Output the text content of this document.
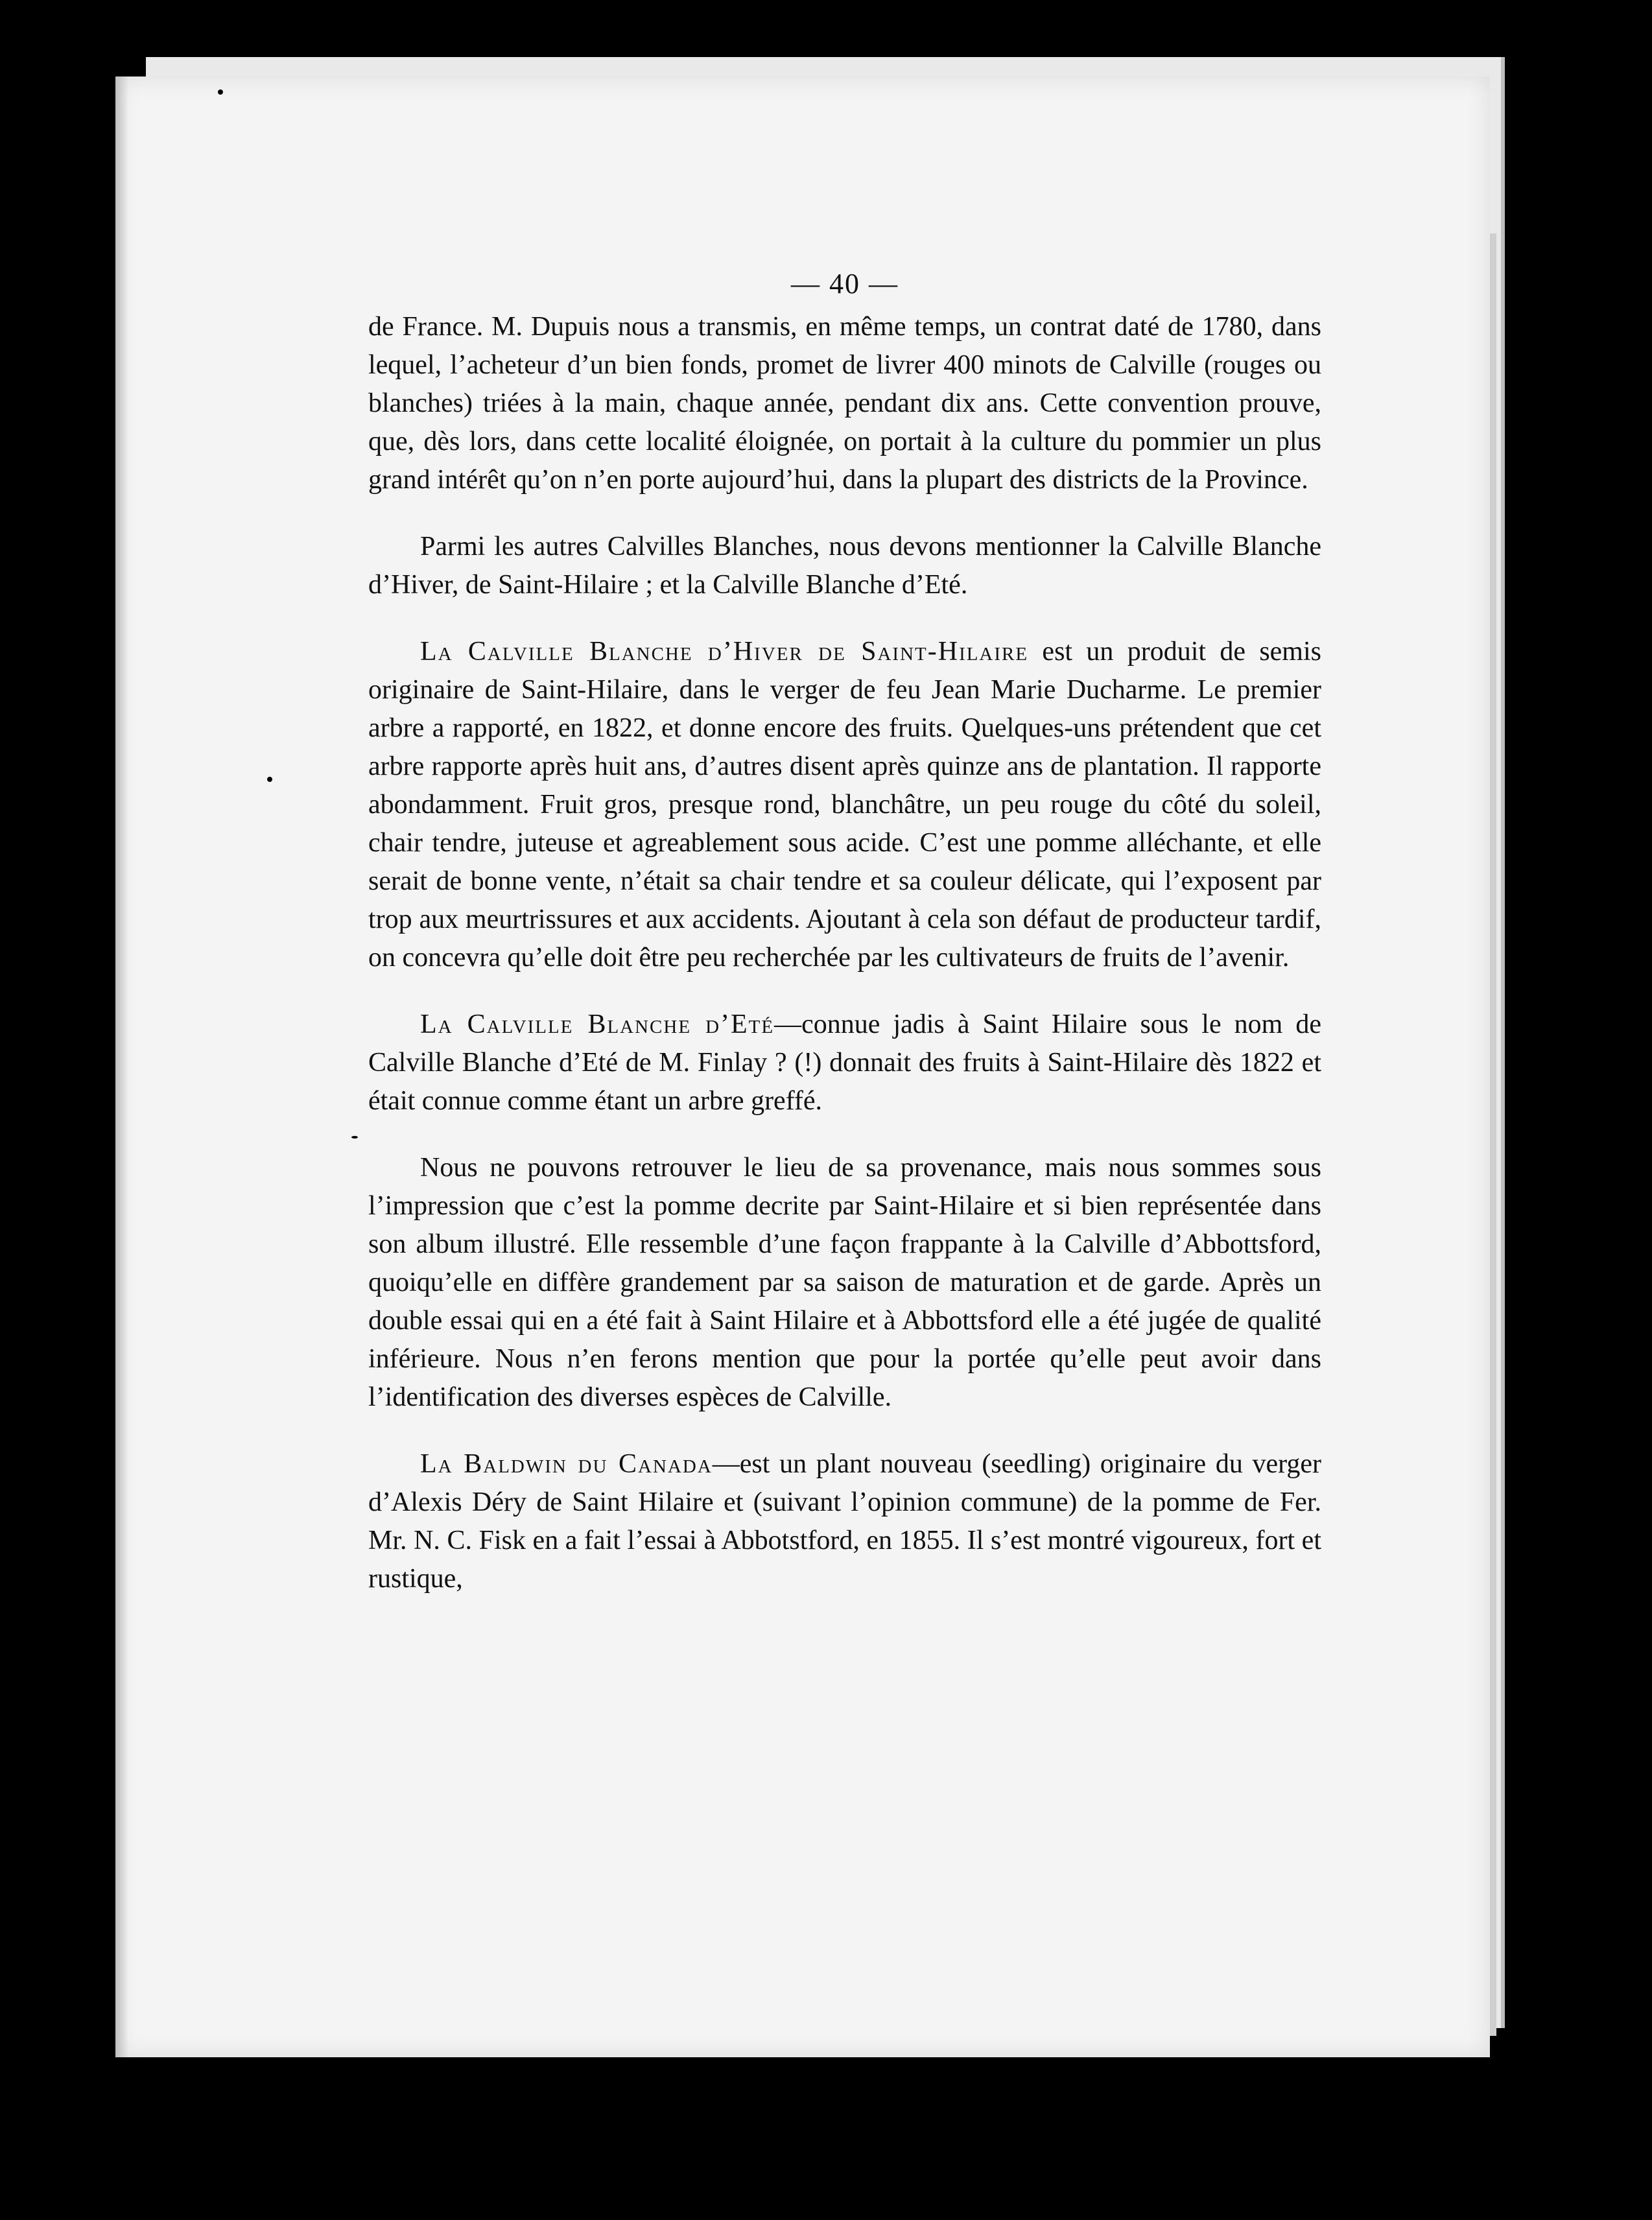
— 40 —

de France. M. Dupuis nous a transmis, en même temps, un contrat daté de 1780, dans lequel, l’acheteur d’un bien fonds, promet de livrer 400 minots de Calville (rouges ou blanches) triées à la main, chaque année, pendant dix ans. Cette convention prouve, que, dès lors, dans cette localité éloignée, on portait à la culture du pommier un plus grand intérêt qu’on n’en porte aujourd’hui, dans la plupart des districts de la Province.

Parmi les autres Calvilles Blanches, nous devons mentionner la Calville Blanche d’Hiver, de Saint-Hilaire ; et la Calville Blanche d’Eté.

La Calville Blanche d’Hiver de Saint-Hilaire est un produit de semis originaire de Saint-Hilaire, dans le verger de feu Jean Marie Ducharme. Le premier arbre a rapporté, en 1822, et donne encore des fruits. Quelques-uns prétendent que cet arbre rapporte après huit ans, d’autres disent après quinze ans de plantation. Il rapporte abondamment. Fruit gros, presque rond, blanchâtre, un peu rouge du côté du soleil, chair tendre, juteuse et agreablement sous acide. C’est une pomme alléchante, et elle serait de bonne vente, n’était sa chair tendre et sa couleur délicate, qui l’exposent par trop aux meurtrissures et aux accidents. Ajoutant à cela son défaut de producteur tardif, on concevra qu’elle doit être peu recherchée par les cultivateurs de fruits de l’avenir.

La Calville Blanche d’Eté—connue jadis à Saint Hilaire sous le nom de Calville Blanche d’Eté de M. Finlay ? (!) donnait des fruits à Saint-Hilaire dès 1822 et était connue comme étant un arbre greffé.

Nous ne pouvons retrouver le lieu de sa provenance, mais nous sommes sous l’impression que c’est la pomme decrite par Saint-Hilaire et si bien représentée dans son album illustré. Elle ressemble d’une façon frappante à la Calville d’Abbottsford, quoiqu’elle en diffère grandement par sa saison de maturation et de garde. Après un double essai qui en a été fait à Saint Hilaire et à Abbottsford elle a été jugée de qualité inférieure. Nous n’en ferons mention que pour la portée qu’elle peut avoir dans l’identification des diverses espèces de Calville.

La Baldwin du Canada—est un plant nouveau (seedling) originaire du verger d’Alexis Déry de Saint Hilaire et (suivant l’opinion commune) de la pomme de Fer. Mr. N. C. Fisk en a fait l’essai à Abbotstford, en 1855. Il s’est montré vigoureux, fort et rustique,
